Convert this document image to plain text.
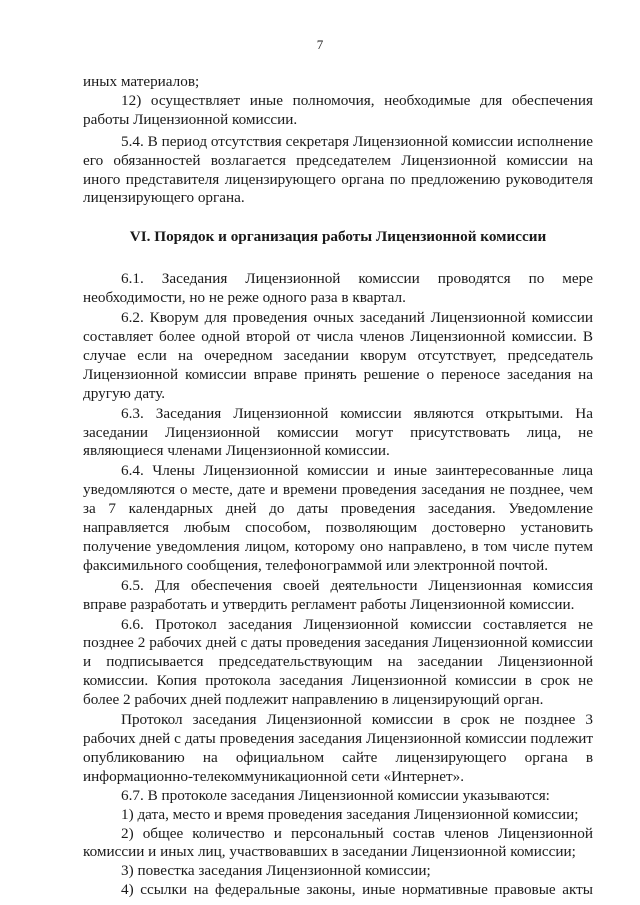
7

иных материалов;

12) осуществляет иные полномочия, необходимые для обеспечения работы Лицензионной комиссии.

5.4. В период отсутствия секретаря Лицензионной комиссии исполнение его обязанностей возлагается председателем Лицензионной комиссии на иного представителя лицензирующего органа по предложению руководителя лицензирующего органа.

VI. Порядок и организация работы Лицензионной комиссии

6.1. Заседания Лицензионной комиссии проводятся по мере необходимости, но не реже одного раза в квартал.

6.2. Кворум для проведения очных заседаний Лицензионной комиссии составляет более одной второй от числа членов Лицензионной комиссии. В случае если на очередном заседании кворум отсутствует, председатель Лицензионной комиссии вправе принять решение о переносе заседания на другую дату.

6.3. Заседания Лицензионной комиссии являются открытыми. На заседании Лицензионной комиссии могут присутствовать лица, не являющиеся членами Лицензионной комиссии.

6.4. Члены Лицензионной комиссии и иные заинтересованные лица уведомляются о месте, дате и времени проведения заседания не позднее, чем за 7 календарных дней до даты проведения заседания. Уведомление направляется любым способом, позволяющим достоверно установить получение уведомления лицом, которому оно направлено, в том числе путем факсимильного сообщения, телефонограммой или электронной почтой.

6.5. Для обеспечения своей деятельности Лицензионная комиссия вправе разработать и утвердить регламент работы Лицензионной комиссии.

6.6. Протокол заседания Лицензионной комиссии составляется не позднее 2 рабочих дней с даты проведения заседания Лицензионной комиссии и подписывается председательствующим на заседании Лицензионной комиссии. Копия протокола заседания Лицензионной комиссии в срок не более 2 рабочих дней подлежит направлению в лицензирующий орган.

Протокол заседания Лицензионной комиссии в срок не позднее 3 рабочих дней с даты проведения заседания Лицензионной комиссии подлежит опубликованию на официальном сайте лицензирующего органа в информационно-телекоммуникационной сети «Интернет».

6.7. В протоколе заседания Лицензионной комиссии указываются:

1) дата, место и время проведения заседания Лицензионной комиссии;

2) общее количество и персональный состав членов Лицензионной комиссии и иных лиц, участвовавших в заседании Лицензионной комиссии;

3) повестка заседания Лицензионной комиссии;

4) ссылки на федеральные законы, иные нормативные правовые акты
